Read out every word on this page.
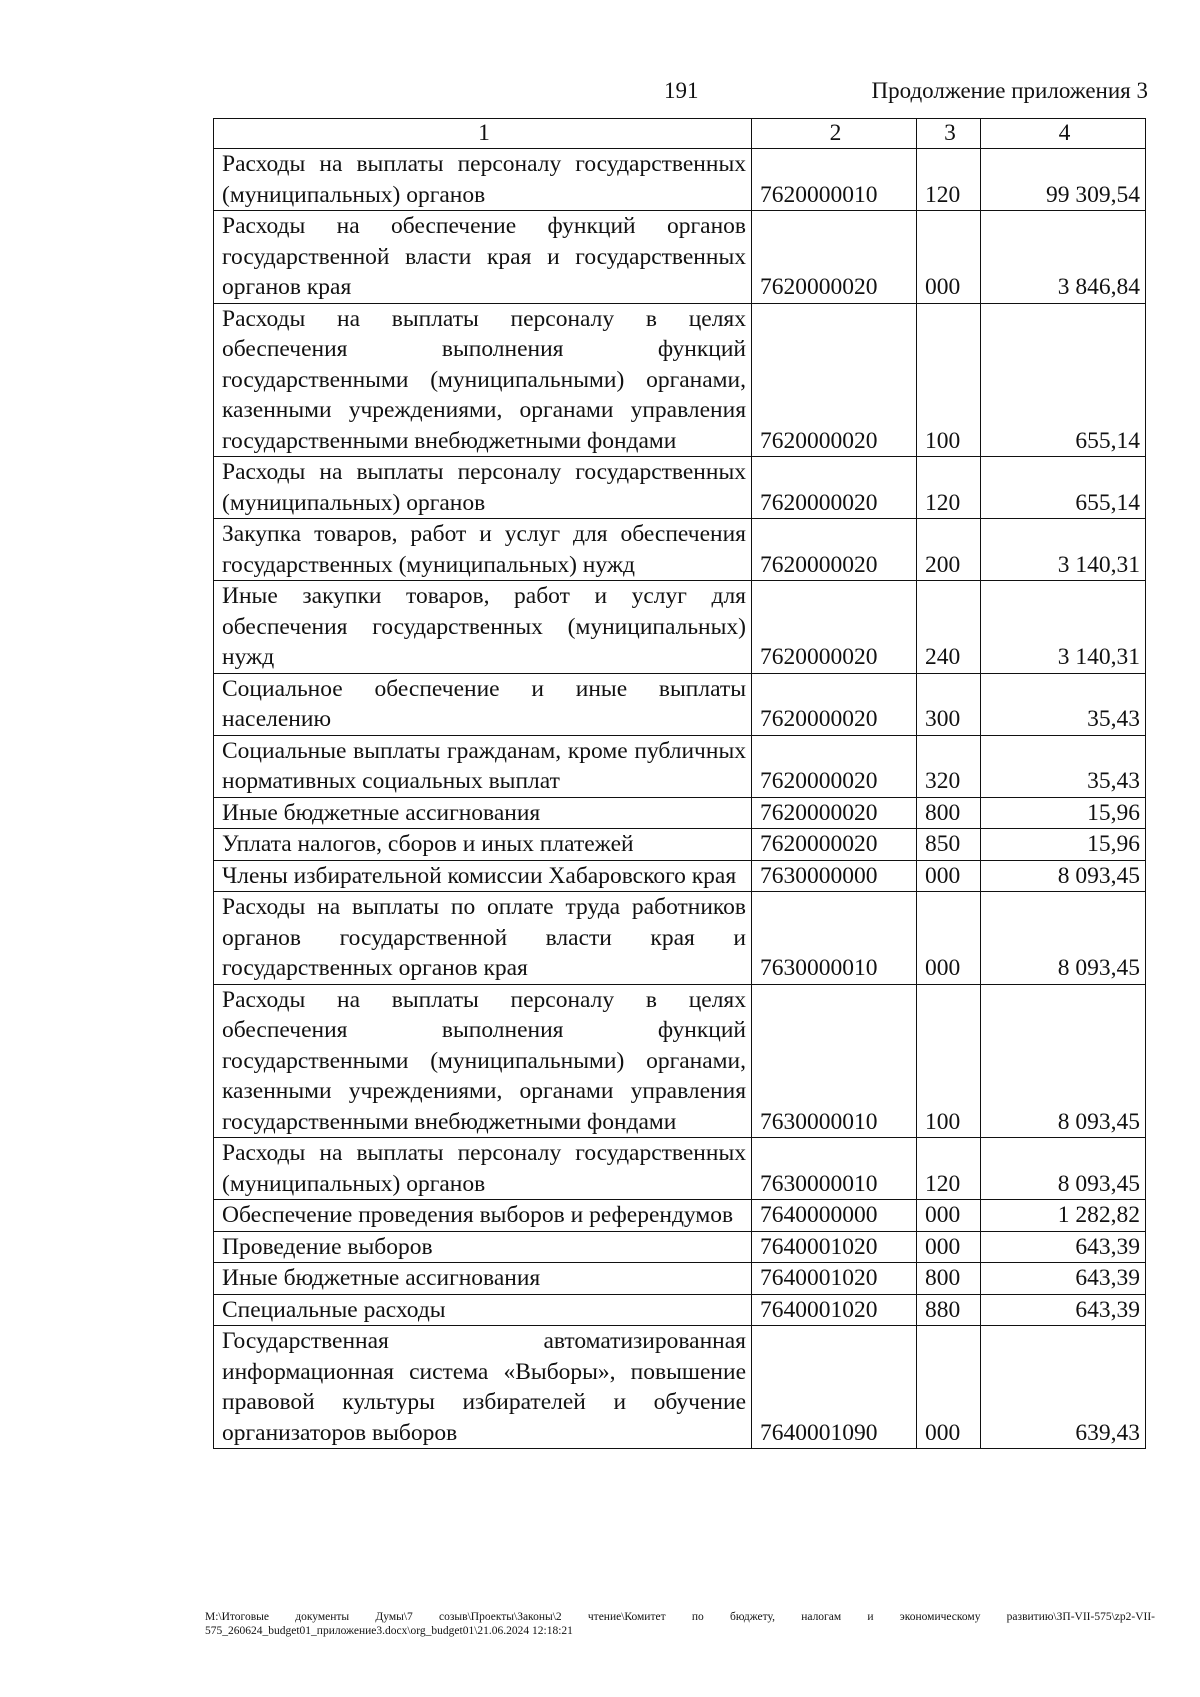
191	Продолжение приложения 3
1	2	3	4
Расходы на выплаты персоналу государственных (муниципальных) органов	7620000010	120	99 309,54
Расходы на обеспечение функций органов государственной власти края и государственных органов края	7620000020	000	3 846,84
Расходы на выплаты персоналу в целях обеспечения выполнения функций государственными (муниципальными) органами, казенными учреждениями, органами управления государственными внебюджетными фондами	7620000020	100	655,14
Расходы на выплаты персоналу государственных (муниципальных) органов	7620000020	120	655,14
Закупка товаров, работ и услуг для обеспечения государственных (муниципальных) нужд	7620000020	200	3 140,31
Иные закупки товаров, работ и услуг для обеспечения государственных (муниципальных) нужд	7620000020	240	3 140,31
Социальное обеспечение и иные выплаты населению	7620000020	300	35,43
Социальные выплаты гражданам, кроме публичных нормативных социальных выплат	7620000020	320	35,43
Иные бюджетные ассигнования	7620000020	800	15,96
Уплата налогов, сборов и иных платежей	7620000020	850	15,96
Члены избирательной комиссии Хабаровского края	7630000000	000	8 093,45
Расходы на выплаты по оплате труда работников органов государственной власти края и государственных органов края	7630000010	000	8 093,45
Расходы на выплаты персоналу в целях обеспечения выполнения функций государственными (муниципальными) органами, казенными учреждениями, органами управления государственными внебюджетными фондами	7630000010	100	8 093,45
Расходы на выплаты персоналу государственных (муниципальных) органов	7630000010	120	8 093,45
Обеспечение проведения выборов и референдумов	7640000000	000	1 282,82
Проведение выборов	7640001020	000	643,39
Иные бюджетные ассигнования	7640001020	800	643,39
Специальные расходы	7640001020	880	643,39
Государственная автоматизированная информационная система «Выборы», повышение правовой культуры избирателей и обучение организаторов выборов	7640001090	000	639,43
M:\Итоговые документы Думы\7 созыв\Проекты\Законы\2 чтение\Комитет по бюджету, налогам и экономическому развитию\ЗП-VII-575\zp2-VII-575_260624_budget01_приложение3.docx\org_budget01\21.06.2024 12:18:21
